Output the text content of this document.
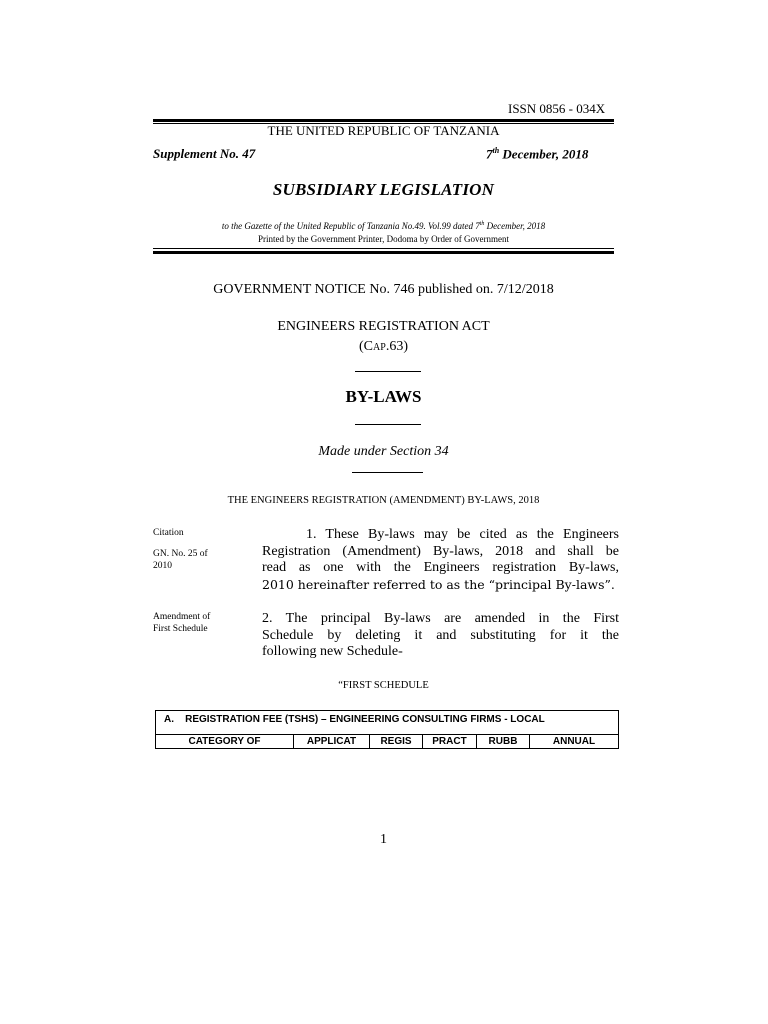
ISSN 0856 - 034X
THE UNITED REPUBLIC OF TANZANIA
Supplement No. 47	7th December, 2018
SUBSIDIARY LEGISLATION
to the Gazette of the United Republic of Tanzania No.49. Vol.99 dated 7th December, 2018
Printed by the Government Printer, Dodoma by Order of Government
GOVERNMENT NOTICE No. 746 published on. 7/12/2018
ENGINEERS REGISTRATION ACT
(CAP.63)
BY-LAWS
Made under Section 34
THE ENGINEERS REGISTRATION (AMENDMENT) BY-LAWS, 2018
Citation
GN. No. 25 of
2010
1. These By-laws may be cited as the Engineers
Registration (Amendment) By-laws, 2018 and shall be
read as one with the Engineers registration By-laws,
2010 hereinafter referred to as the “principal By-laws”.
Amendment of
First Schedule
2. The principal By-laws are amended in the First
Schedule by deleting it and substituting for it the
following new Schedule-
“FIRST SCHEDULE
A.    REGISTRATION FEE (TSHS) – ENGINEERING CONSULTING FIRMS - LOCAL
CATEGORY OF	APPLICAT	REGIS	PRACT	RUBB	ANNUAL
1
